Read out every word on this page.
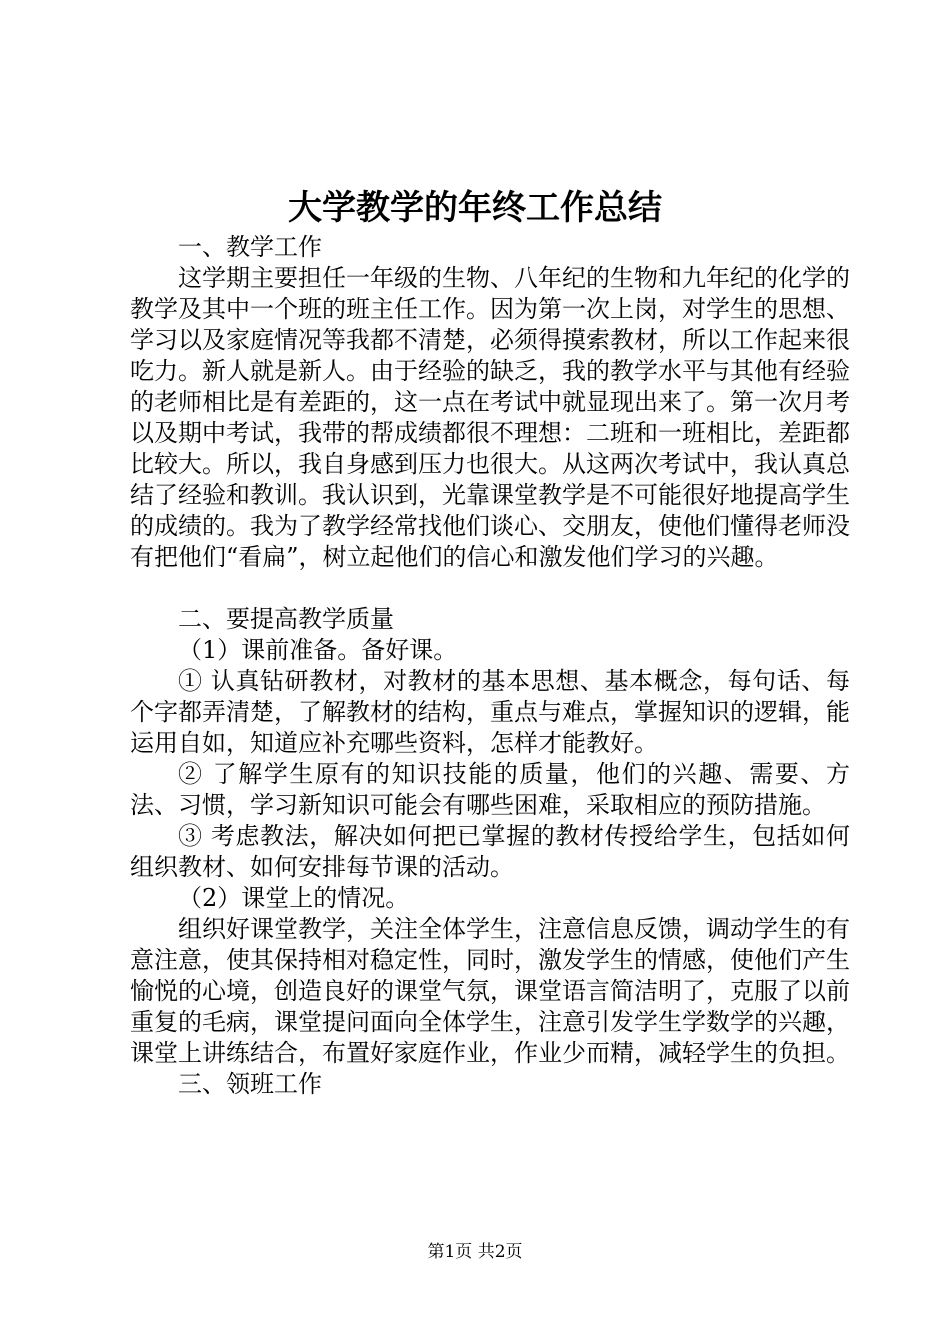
大学教学的年终工作总结

一、教学工作

这学期主要担任一年级的生物、八年纪的生物和九年纪的化学的教学及其中一个班的班主任工作。因为第一次上岗，对学生的思想、学习以及家庭情况等我都不清楚，必须得摸索教材，所以工作起来很吃力。新人就是新人。由于经验的缺乏，我的教学水平与其他有经验的老师相比是有差距的，这一点在考试中就显现出来了。第一次月考以及期中考试，我带的帮成绩都很不理想：二班和一班相比，差距都比较大。所以，我自身感到压力也很大。从这两次考试中，我认真总结了经验和教训。我认识到，光靠课堂教学是不可能很好地提高学生的成绩的。我为了教学经常找他们谈心、交朋友，使他们懂得老师没有把他们“看扁”，树立起他们的信心和激发他们学习的兴趣。

二、要提高教学质量

（1）课前准备。备好课。

① 认真钻研教材，对教材的基本思想、基本概念，每句话、每个字都弄清楚，了解教材的结构，重点与难点，掌握知识的逻辑，能运用自如，知道应补充哪些资料，怎样才能教好。

② 了解学生原有的知识技能的质量，他们的兴趣、需要、方法、习惯，学习新知识可能会有哪些困难，采取相应的预防措施。

③ 考虑教法，解决如何把已掌握的教材传授给学生，包括如何组织教材、如何安排每节课的活动。

（2）课堂上的情况。

组织好课堂教学，关注全体学生，注意信息反馈，调动学生的有意注意，使其保持相对稳定性，同时，激发学生的情感，使他们产生愉悦的心境，创造良好的课堂气氛，课堂语言简洁明了，克服了以前重复的毛病，课堂提问面向全体学生，注意引发学生学数学的兴趣，课堂上讲练结合，布置好家庭作业，作业少而精，减轻学生的负担。

三、领班工作

第1页 共2页
